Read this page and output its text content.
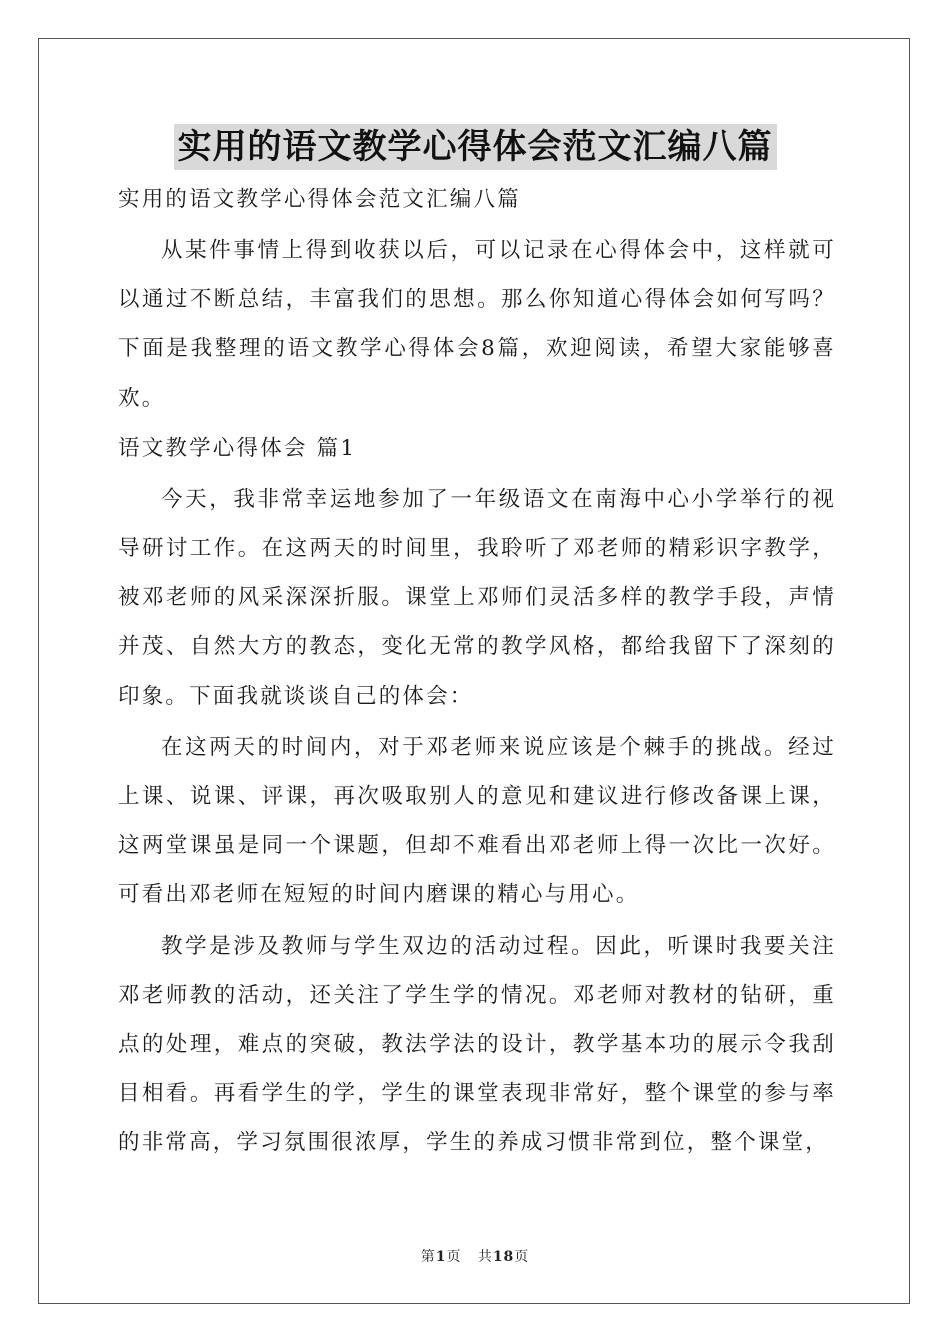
实用的语文教学心得体会范文汇编八篇

实用的语文教学心得体会范文汇编八篇

从某件事情上得到收获以后，可以记录在心得体会中，这样就可以通过不断总结，丰富我们的思想。那么你知道心得体会如何写吗？下面是我整理的语文教学心得体会8篇，欢迎阅读，希望大家能够喜欢。

语文教学心得体会 篇1

今天，我非常幸运地参加了一年级语文在南海中心小学举行的视导研讨工作。在这两天的时间里，我聆听了邓老师的精彩识字教学，被邓老师的风采深深折服。课堂上邓师们灵活多样的教学手段，声情并茂、自然大方的教态，变化无常的教学风格，都给我留下了深刻的印象。下面我就谈谈自己的体会：

在这两天的时间内，对于邓老师来说应该是个棘手的挑战。经过上课、说课、评课，再次吸取别人的意见和建议进行修改备课上课，这两堂课虽是同一个课题，但却不难看出邓老师上得一次比一次好。可看出邓老师在短短的时间内磨课的精心与用心。

教学是涉及教师与学生双边的活动过程。因此，听课时我要关注邓老师教的活动，还关注了学生学的情况。邓老师对教材的钻研，重点的处理，难点的突破，教法学法的设计，教学基本功的展示令我刮目相看。再看学生的学，学生的课堂表现非常好，整个课堂的参与率的非常高，学习氛围很浓厚，学生的养成习惯非常到位，整个课堂，

第1页 共18页
